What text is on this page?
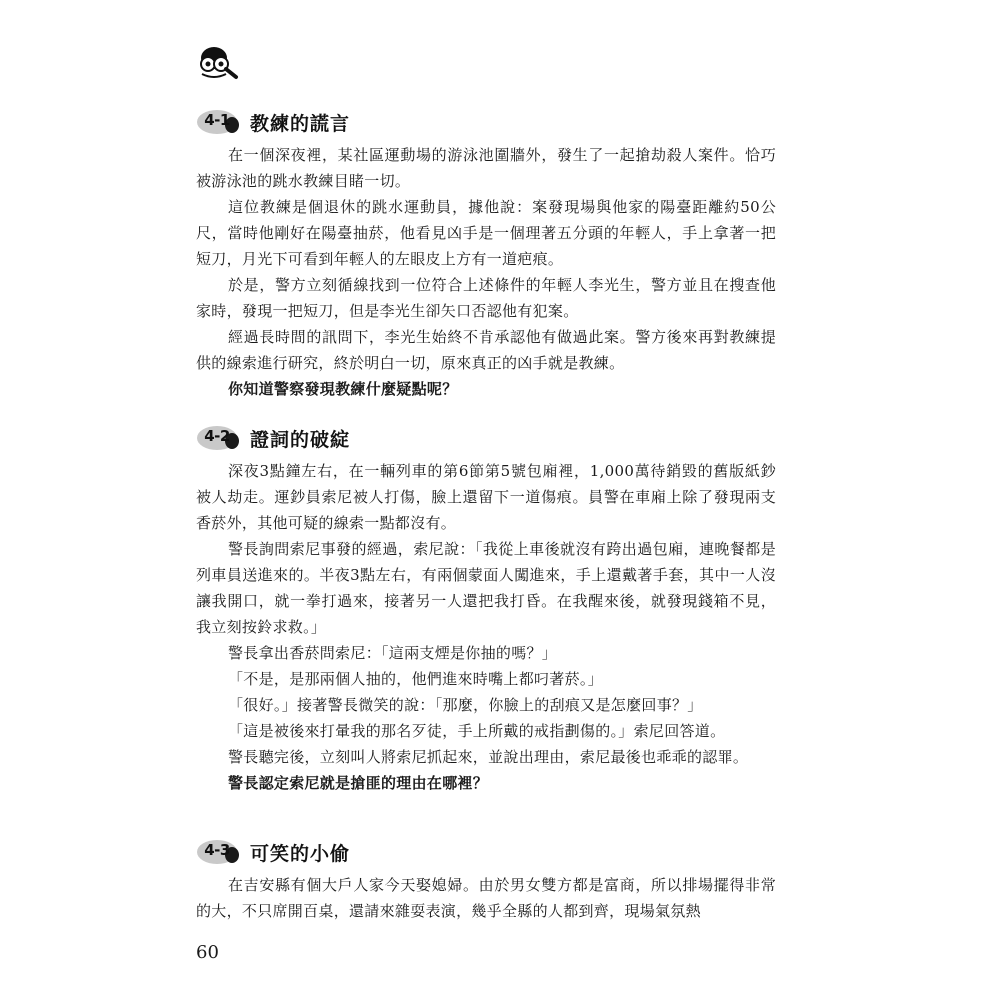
4-1	教練的謊言

在一個深夜裡，某社區運動場的游泳池圍牆外，發生了一起搶劫殺人案件。恰巧被游泳池的跳水教練目睹一切。

這位教練是個退休的跳水運動員，據他說：案發現場與他家的陽臺距離約50公尺，當時他剛好在陽臺抽菸，他看見凶手是一個理著五分頭的年輕人，手上拿著一把短刀，月光下可看到年輕人的左眼皮上方有一道疤痕。

於是，警方立刻循線找到一位符合上述條件的年輕人李光生，警方並且在搜查他家時，發現一把短刀，但是李光生卻矢口否認他有犯案。

經過長時間的訊問下，李光生始終不肯承認他有做過此案。警方後來再對教練提供的線索進行研究，終於明白一切，原來真正的凶手就是教練。

你知道警察發現教練什麼疑點呢？

4-2	證詞的破綻

深夜3點鐘左右，在一輛列車的第6節第5號包廂裡，1,000萬待銷毀的舊版紙鈔被人劫走。運鈔員索尼被人打傷，臉上還留下一道傷痕。員警在車廂上除了發現兩支香菸外，其他可疑的線索一點都沒有。

警長詢問索尼事發的經過，索尼說：「我從上車後就沒有跨出過包廂，連晚餐都是列車員送進來的。半夜3點左右，有兩個蒙面人闖進來，手上還戴著手套，其中一人沒讓我開口，就一拳打過來，接著另一人還把我打昏。在我醒來後，就發現錢箱不見，我立刻按鈴求救。」

警長拿出香菸問索尼：「這兩支煙是你抽的嗎？」

「不是，是那兩個人抽的，他們進來時嘴上都叼著菸。」

「很好。」接著警長微笑的說：「那麼，你臉上的刮痕又是怎麼回事？」

「這是被後來打暈我的那名歹徒，手上所戴的戒指劃傷的。」索尼回答道。

警長聽完後，立刻叫人將索尼抓起來，並說出理由，索尼最後也乖乖的認罪。

警長認定索尼就是搶匪的理由在哪裡？

4-3	可笑的小偷

在吉安縣有個大戶人家今天娶媳婦。由於男女雙方都是富商，所以排場擺得非常的大，不只席開百桌，還請來雜耍表演，幾乎全縣的人都到齊，現場氣氛熱

60
